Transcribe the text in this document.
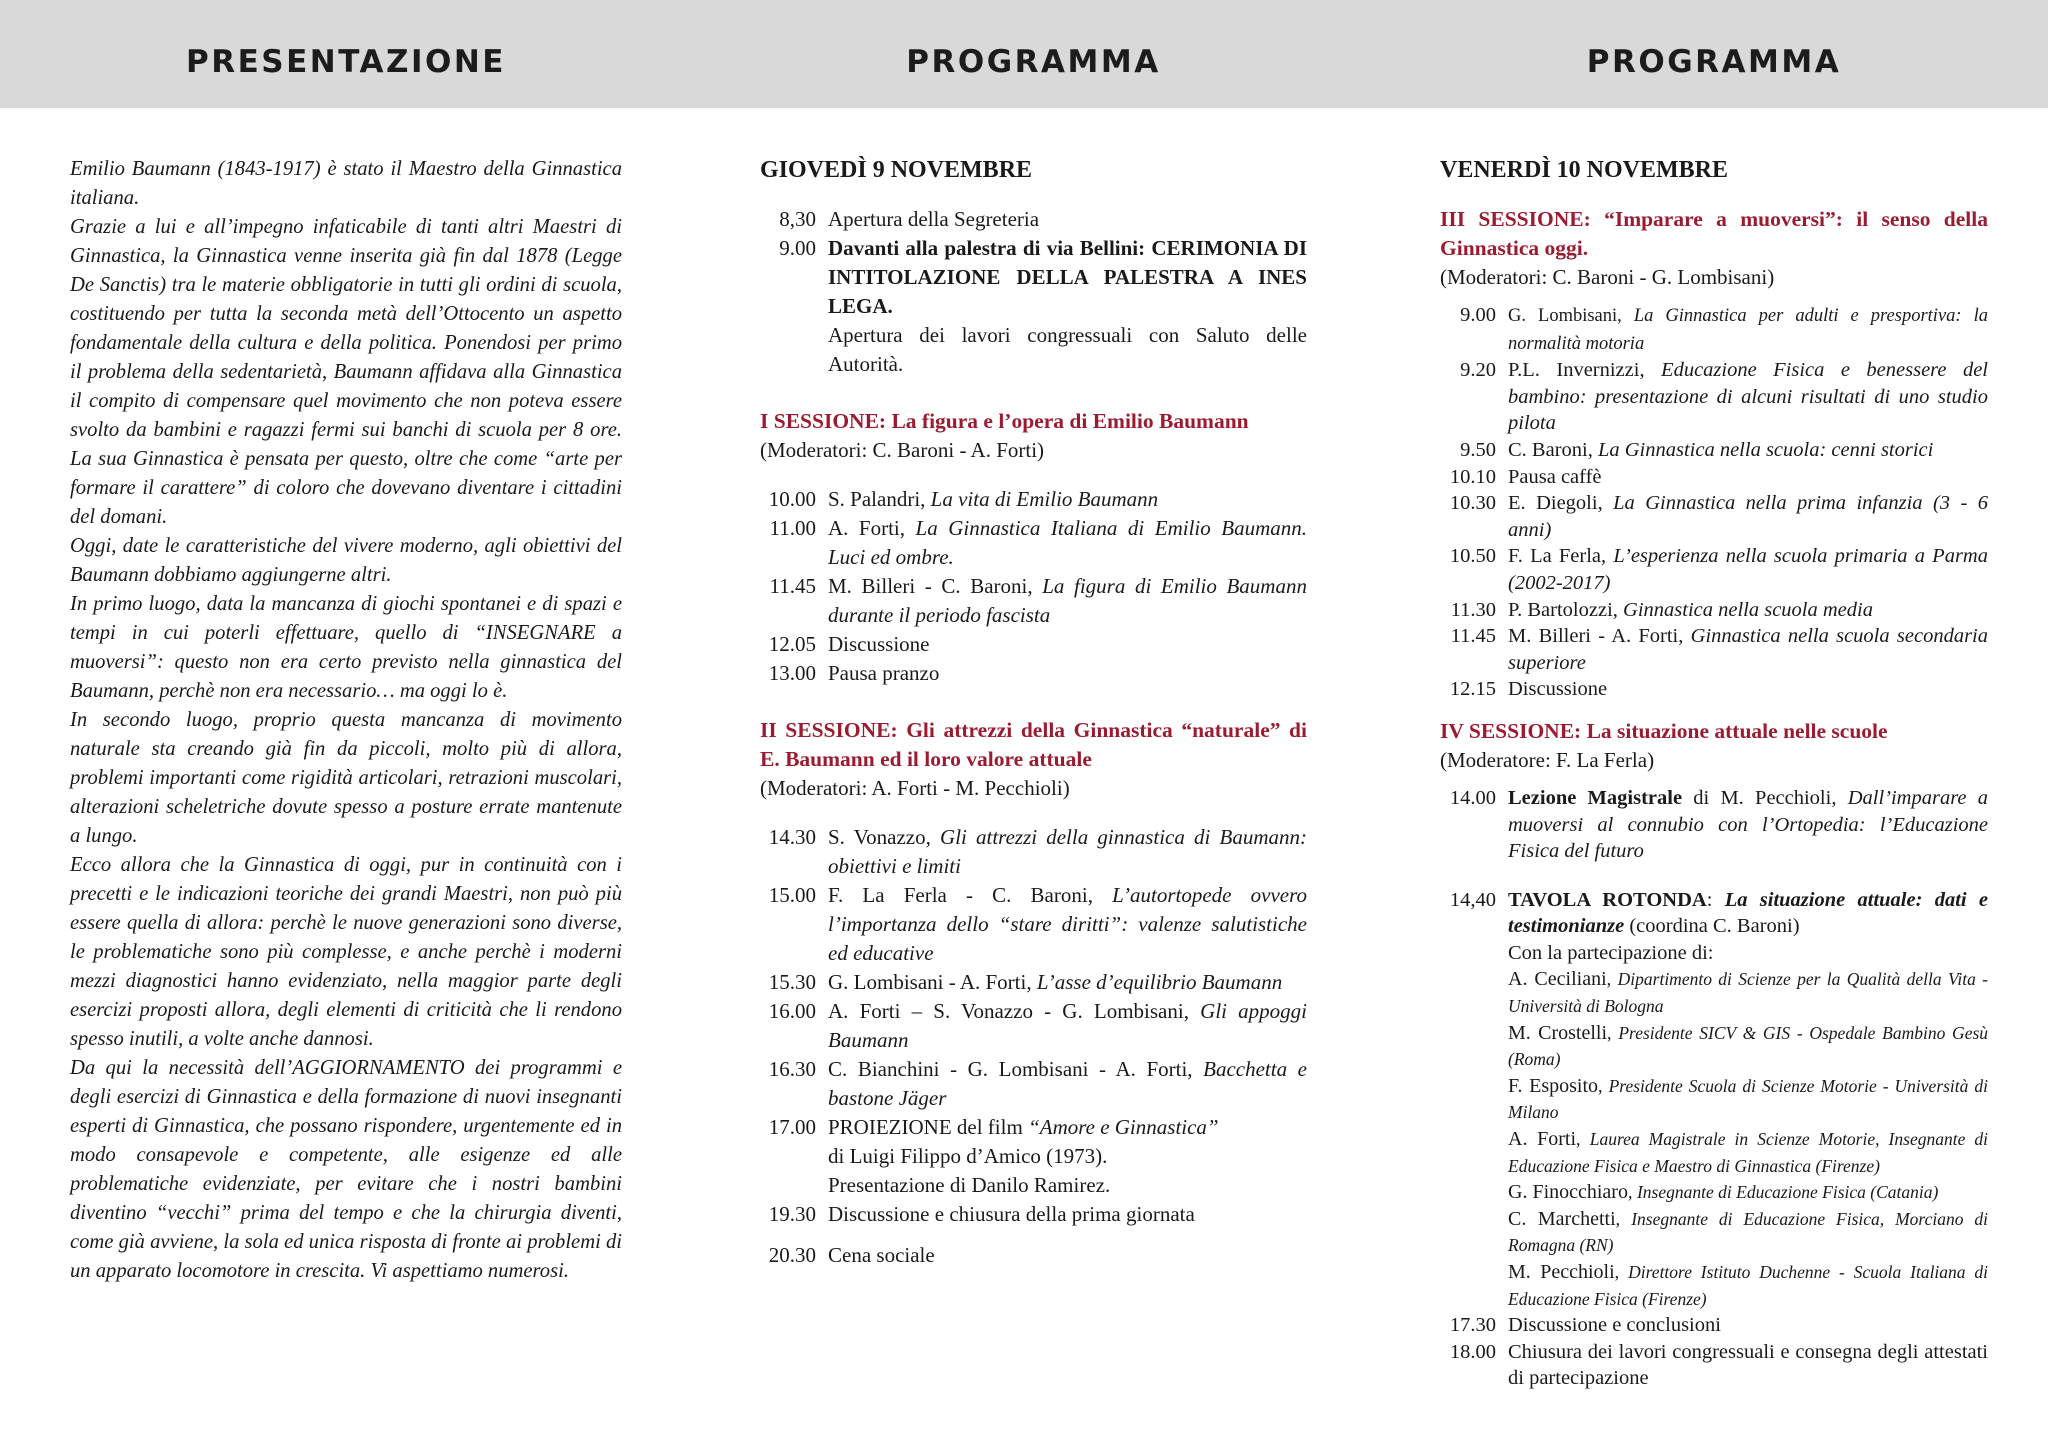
PRESENTAZIONE	PROGRAMMA	PROGRAMMA

Emilio Baumann (1843-1917) è stato il Maestro della Ginnastica italiana.

Grazie a lui e all’impegno infaticabile di tanti altri Maestri di Ginnastica, la Ginnastica venne inserita già fin dal 1878 (Legge De Sanctis) tra le materie obbligatorie in tutti gli ordini di scuola, costituendo per tutta la seconda metà dell’Ottocento un aspetto fondamentale della cultura e della politica. Ponendosi per primo il problema della sedentarietà, Baumann affidava alla Ginnastica il compito di compensare quel movimento che non poteva essere svolto da bambini e ragazzi fermi sui banchi di scuola per 8 ore. La sua Ginnastica è pensata per questo, oltre che come “arte per formare il carattere” di coloro che dovevano diventare i cittadini del domani.

Oggi, date le caratteristiche del vivere moderno, agli obiettivi del Baumann dobbiamo aggiungerne altri.

In primo luogo, data la mancanza di giochi spontanei e di spazi e tempi in cui poterli effettuare, quello di “INSEGNARE a muoversi”: questo non era certo previsto nella ginnastica del Baumann, perchè non era necessario… ma oggi lo è.

In secondo luogo, proprio questa mancanza di movimento naturale sta creando già fin da piccoli, molto più di allora, problemi importanti come rigidità articolari, retrazioni muscolari, alterazioni scheletriche dovute spesso a posture errate mantenute a lungo.

Ecco allora che la Ginnastica di oggi, pur in continuità con i precetti e le indicazioni teoriche dei grandi Maestri, non può più essere quella di allora: perchè le nuove generazioni sono diverse, le problematiche sono più complesse, e anche perchè i moderni mezzi diagnostici hanno evidenziato, nella maggior parte degli esercizi proposti allora, degli elementi di criticità che li rendono spesso inutili, a volte anche dannosi.

Da qui la necessità dell’AGGIORNAMENTO dei programmi e degli esercizi di Ginnastica e della formazione di nuovi insegnanti esperti di Ginnastica, che possano rispondere, urgentemente ed in modo consapevole e competente, alle esigenze ed alle problematiche evidenziate, per evitare che i nostri bambini diventino “vecchi” prima del tempo e che la chirurgia diventi, come già avviene, la sola ed unica risposta di fronte ai problemi di un apparato locomotore in crescita. Vi aspettiamo numerosi.

GIOVEDÌ 9 NOVEMBRE
8,30 Apertura della Segreteria
9.00 Davanti alla palestra di via Bellini: CERIMONIA DI INTITOLAZIONE DELLA PALESTRA A INES LEGA.
Apertura dei lavori congressuali con Saluto delle Autorità.
I SESSIONE: La figura e l’opera di Emilio Baumann
(Moderatori: C. Baroni - A. Forti)
10.00 S. Palandri, La vita di Emilio Baumann
11.00 A. Forti, La Ginnastica Italiana di Emilio Baumann. Luci ed ombre.
11.45 M. Billeri - C. Baroni, La figura di Emilio Baumann durante il periodo fascista
12.05 Discussione
13.00 Pausa pranzo
II SESSIONE: Gli attrezzi della Ginnastica “naturale” di E. Baumann ed il loro valore attuale
(Moderatori: A. Forti - M. Pecchioli)
14.30 S. Vonazzo, Gli attrezzi della ginnastica di Baumann: obiettivi e limiti
15.00 F. La Ferla - C. Baroni, L’autortopede ovvero l’importanza dello “stare diritti”: valenze salutistiche ed educative
15.30 G. Lombisani - A. Forti, L’asse d’equilibrio Baumann
16.00 A. Forti – S. Vonazzo - G. Lombisani, Gli appoggi Baumann
16.30 C. Bianchini - G. Lombisani - A. Forti, Bacchetta e bastone Jäger
17.00 PROIEZIONE del film “Amore e Ginnastica”
di Luigi Filippo d’Amico (1973).
Presentazione di Danilo Ramirez.
19.30 Discussione e chiusura della prima giornata
20.30 Cena sociale
VENERDÌ 10 NOVEMBRE
III SESSIONE: “Imparare a muoversi”: il senso della Ginnastica oggi.
(Moderatori: C. Baroni - G. Lombisani)
9.00 G. Lombisani, La Ginnastica per adulti e presportiva: la normalità motoria
9.20 P.L. Invernizzi, Educazione Fisica e benessere del bambino: presentazione di alcuni risultati di uno studio pilota
9.50 C. Baroni, La Ginnastica nella scuola: cenni storici
10.10 Pausa caffè
10.30 E. Diegoli, La Ginnastica nella prima infanzia (3 - 6 anni)
10.50 F. La Ferla, L’esperienza nella scuola primaria a Parma (2002-2017)
11.30 P. Bartolozzi, Ginnastica nella scuola media
11.45 M. Billeri - A. Forti, Ginnastica nella scuola secondaria superiore
12.15 Discussione
IV SESSIONE: La situazione attuale nelle scuole
(Moderatore: F. La Ferla)
14.00 Lezione Magistrale di M. Pecchioli, Dall’imparare a muoversi al connubio con l’Ortopedia: l’Educazione Fisica del futuro
14,40 TAVOLA ROTONDA: La situazione attuale: dati e testimonianze (coordina C. Baroni)
Con la partecipazione di:
A. Ceciliani, Dipartimento di Scienze per la Qualità della Vita - Università di Bologna
M. Crostelli, Presidente SICV & GIS - Ospedale Bambino Gesù (Roma)
F. Esposito, Presidente Scuola di Scienze Motorie - Università di Milano
A. Forti, Laurea Magistrale in Scienze Motorie, Insegnante di Educazione Fisica e Maestro di Ginnastica (Firenze)
G. Finocchiaro, Insegnante di Educazione Fisica (Catania)
C. Marchetti, Insegnante di Educazione Fisica, Morciano di Romagna (RN)
M. Pecchioli, Direttore Istituto Duchenne - Scuola Italiana di Educazione Fisica (Firenze)
17.30 Discussione e conclusioni
18.00 Chiusura dei lavori congressuali e consegna degli attestati di partecipazione
